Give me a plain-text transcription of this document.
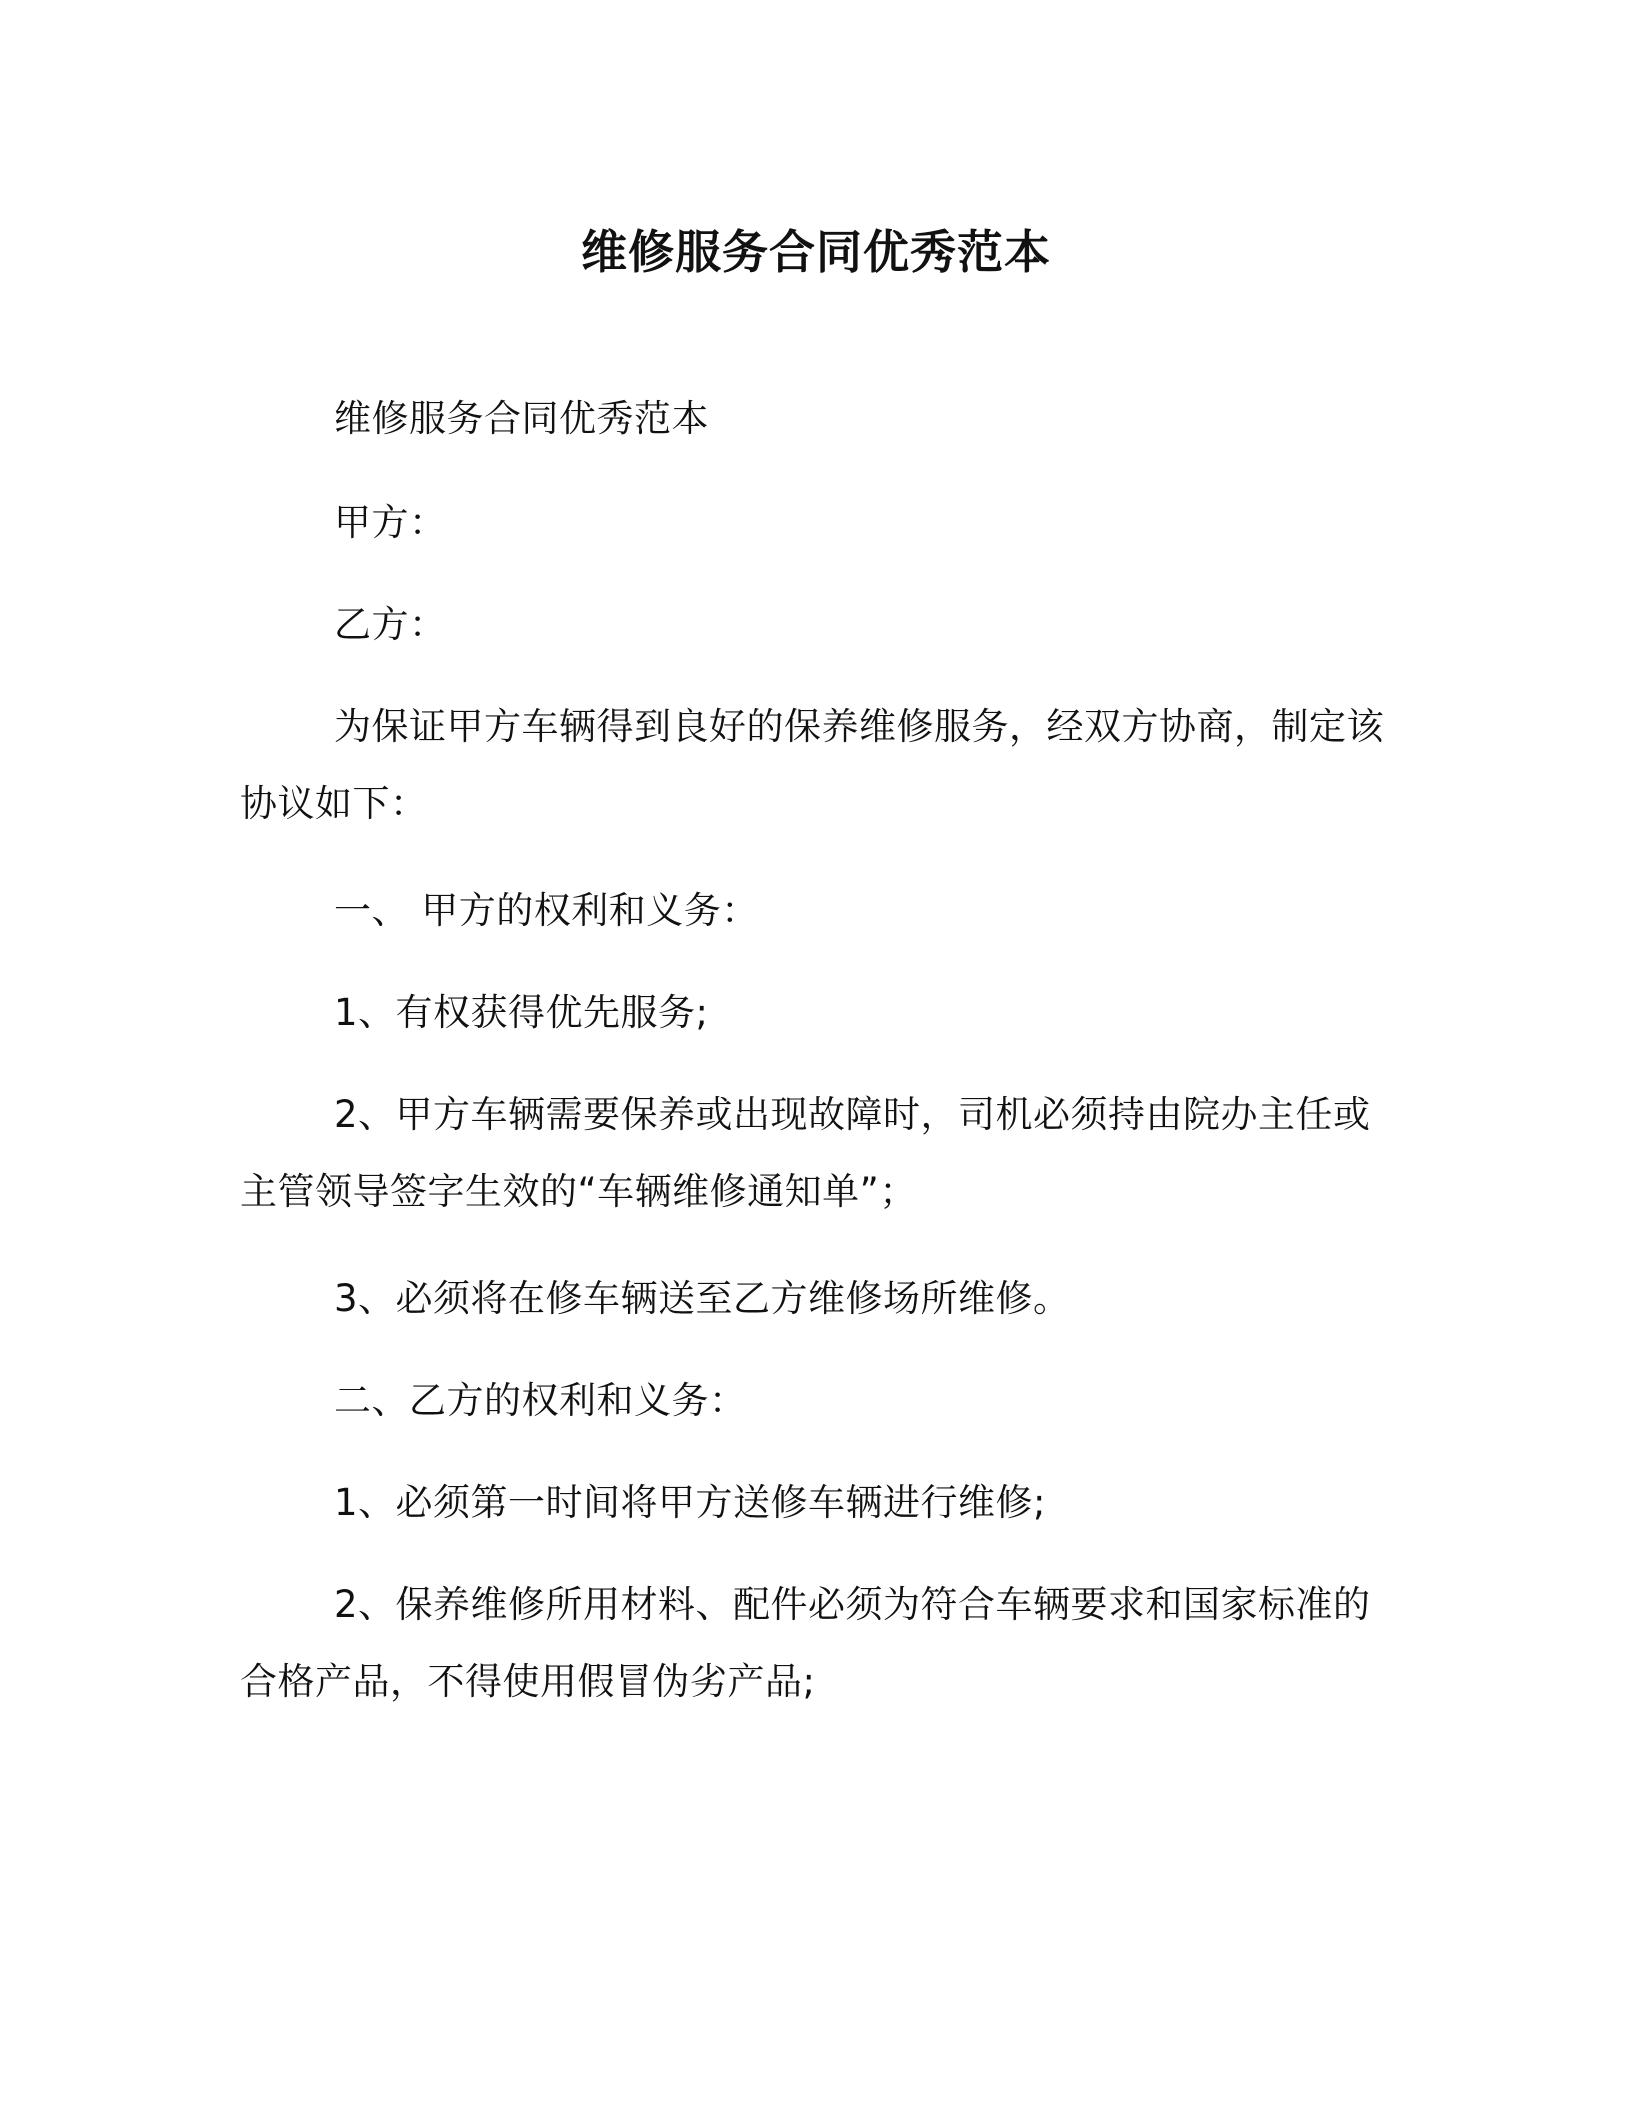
维修服务合同优秀范本
维修服务合同优秀范本
甲方：
乙方：
为保证甲方车辆得到良好的保养维修服务，经双方协商，制定该
协议如下：
一、 甲方的权利和义务：
1、有权获得优先服务;
2、甲方车辆需要保养或出现故障时，司机必须持由院办主任或
主管领导签字生效的“车辆维修通知单”；
3、必须将在修车辆送至乙方维修场所维修。
二、乙方的权利和义务：
1、必须第一时间将甲方送修车辆进行维修;
2、保养维修所用材料、配件必须为符合车辆要求和国家标准的
合格产品，不得使用假冒伪劣产品;
